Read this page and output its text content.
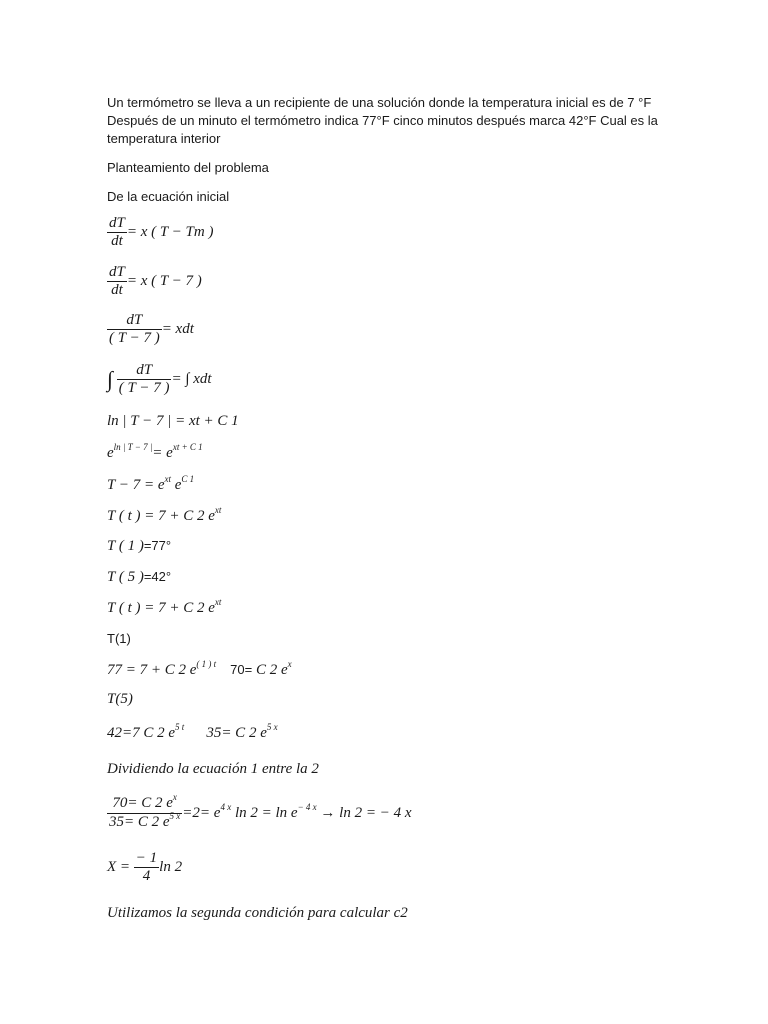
Un termómetro se lleva a un recipiente de una solución donde la temperatura inicial es de 7 °F
Después de un minuto el termómetro indica 77°F cinco minutos después marca 42°F Cual es la
temperatura interior
Planteamiento del problema
De la ecuación inicial
$\frac{dT}{dt} = x$ ( T − Tm )
$\frac{dT}{dt} = x$ ( T − 7 )
$\frac{dT}{( T - 7 )}$ = xdt
∫ $\frac{dT}{( T - 7 )}$ = ∫ xdt
ln | T − 7 | = xt + C 1
$e^{ln | T - 7 |}= e^{xt + C 1}$
$T - 7 = e^{xt}$ $e^{C 1}$
T ( t ) = 7 + C 2 $e^{xt}$
T ( 1 )=77°
T ( 5 )=42°
T ( t ) = 7 + C 2 $e^{xt}$
T(1)
77 = 7 + C 2 $e^{( 1 ) t}$ 70= C 2 $e^x$
T(5)
42=7 C 2 $e^{5 t}$ 35= C 2 $e^{5 x}$
Dividiendo la ecuación 1 entre la 2
$\frac{70= C 2 e^x}{35= C 2 e^{5 x}} =2= e^{4 x}$ $\ln 2 = \ln e^{- 4 x} \to \ln 2$ = − 4 x
$X = \frac{- 1}{4}$ ln 2
Utilizamos la segunda condición para calcular c2
